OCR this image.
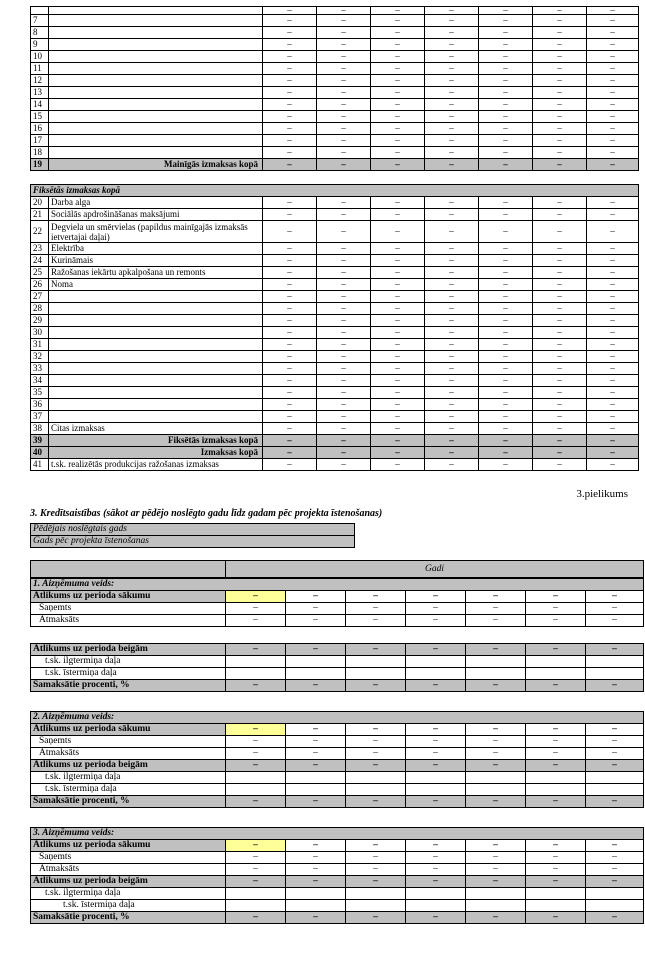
		–	–	–	–	–	–	–
7		–	–	–	–	–	–	–
8		–	–	–	–	–	–	–
9		–	–	–	–	–	–	–
10		–	–	–	–	–	–	–
11		–	–	–	–	–	–	–
12		–	–	–	–	–	–	–
13		–	–	–	–	–	–	–
14		–	–	–	–	–	–	–
15		–	–	–	–	–	–	–
16		–	–	–	–	–	–	–
17		–	–	–	–	–	–	–
18		–	–	–	–	–	–	–
19	Mainīgās izmaksas kopā	–	–	–	–	–	–	–
Fiksētās izmaksas kopā								
20	Darba alga	–	–	–	–	–	–	–
21	Sociālās apdrošināšanas maksājumi	–	–	–	–	–	–	–
22	Degviela un smērvielas (papildus mainīgajās izmaksās ietvertajai daļai)	–	–	–	–	–	–	–
23	Elektrība	–	–	–	–	–	–	–
24	Kurināmais	–	–	–	–	–	–	–
25	Ražošanas iekārtu apkalpošana un remonts	–	–	–	–	–	–	–
26	Noma	–	–	–	–	–	–	–
27		–	–	–	–	–	–	–
28		–	–	–	–	–	–	–
29		–	–	–	–	–	–	–
30		–	–	–	–	–	–	–
31		–	–	–	–	–	–	–
32		–	–	–	–	–	–	–
33		–	–	–	–	–	–	–
34		–	–	–	–	–	–	–
35		–	–	–	–	–	–	–
36		–	–	–	–	–	–	–
37		–	–	–	–	–	–	–
38	Citas izmaksas	–	–	–	–	–	–	–
39	Fiksētās izmaksas kopā	–	–	–	–	–	–	–
40	Izmaksas kopā	–	–	–	–	–	–	–
41	t.sk. realizētās produkcijas ražošanas izmaksas	–	–	–	–	–	–	–
3.pielikums
3. Kredītsaistības (sākot ar pēdējo noslēgto gadu līdz gadam pēc projekta īstenošanas)
Pēdējais noslēgtais gads
Gads pēc projekta īstenošanas
	Gadi
1. Aizņēmuma veids:							
Atlikums uz perioda sākumu	–	–	–	–	–	–	–
Saņemts	–	–	–	–	–	–	–
Atmaksāts	–	–	–	–	–	–	–
Atlikums uz perioda beigām	–	–	–	–	–	–	–
t.sk. ilgtermiņa daļa							
t.sk. īstermiņa daļa							
Samaksātie procenti, %	–	–	–	–	–	–	–
2. Aizņēmuma veids:							
Atlikums uz perioda sākumu	–	–	–	–	–	–	–
Saņemts	–	–	–	–	–	–	–
Atmaksāts	–	–	–	–	–	–	–
Atlikums uz perioda beigām	–	–	–	–	–	–	–
t.sk. ilgtermiņa daļa							
t.sk. īstermiņa daļa							
Samaksātie procenti, %	–	–	–	–	–	–	–
3. Aizņēmuma veids:							
Atlikums uz perioda sākumu	–	–	–	–	–	–	–
Saņemts	–	–	–	–	–	–	–
Atmaksāts	–	–	–	–	–	–	–
Atlikums uz perioda beigām	–	–	–	–	–	–	–
t.sk. ilgtermiņa daļa							
t.sk. īstermiņa daļa							
Samaksātie procenti, %	–	–	–	–	–	–	–
